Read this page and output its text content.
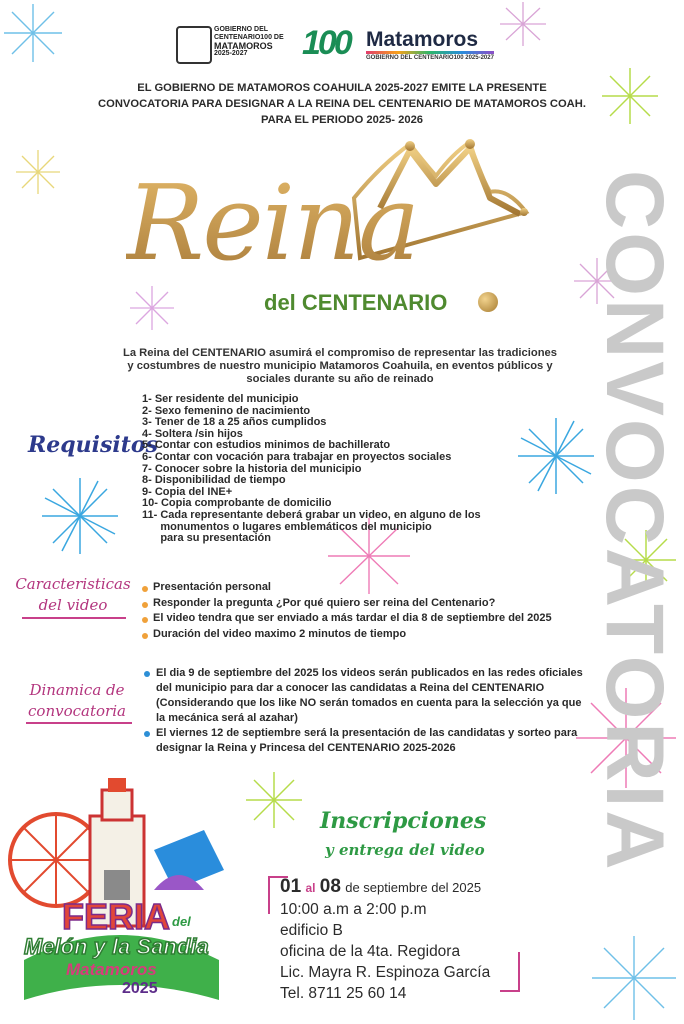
GOBIERNO DEL
CENTENARIO100 DE
MATAMOROS
2025-2027	100 Matamoros
GOBIERNO DEL CENTENARIO100 2025-2027
EL GOBIERNO DE MATAMOROS COAHUILA 2025-2027 EMITE LA PRESENTE
CONVOCATORIA PARA DESIGNAR A LA REINA DEL CENTENARIO DE MATAMOROS COAH.
PARA EL PERIODO 2025- 2026
Reina
del CENTENARIO CONVOCATORIA
La Reina del CENTENARIO asumirá el compromiso de representar las tradiciones
y costumbres de nuestro municipio Matamoros Coahuila, en eventos públicos y
sociales durante su año de reinado
Requisitos
1- Ser residente del municipio
2- Sexo femenino de nacimiento
3- Tener de 18 a 25 años cumplidos
4- Soltera /sin hijos
5- Contar con estudios minimos de bachillerato
6- Contar con vocación para trabajar en proyectos sociales
7- Conocer sobre la historia del municipio
8- Disponibilidad de tiempo
9- Copia del INE+
10- Copia comprobante de domicilio
11- Cada representante deberá grabar un video, en alguno de los
monumentos o lugares emblemáticos del municipio
para su presentación
Caracteristicas
del video
Presentación personal
Responder la pregunta ¿Por qué quiero ser reina del Centenario?
El video tendra que ser enviado a más tardar el dia 8 de septiembre del 2025
Duración del video maximo 2 minutos de tiempo
Dinamica de
convocatoria
El dia 9 de septiembre del 2025 los videos serán publicados en las redes oficiales del municipio para dar a conocer las candidatas a Reina del CENTENARIO (Considerando que los like NO serán tomados en cuenta para la selección ya que la mecánica será al azahar)
El viernes 12 de septiembre será la presentación de las candidatas y sorteo para designar la Reina y Princesa del CENTENARIO 2025-2026
Inscripciones
y entrega del video
01 al 08 de septiembre del 2025
10:00 a.m a 2:00 p.m
edificio B
oficina de la 4ta. Regidora
Lic. Mayra R. Espinoza García
Tel. 8711 25 60 14
FERIA del
Melón y la Sandia
Matamoros
2025
